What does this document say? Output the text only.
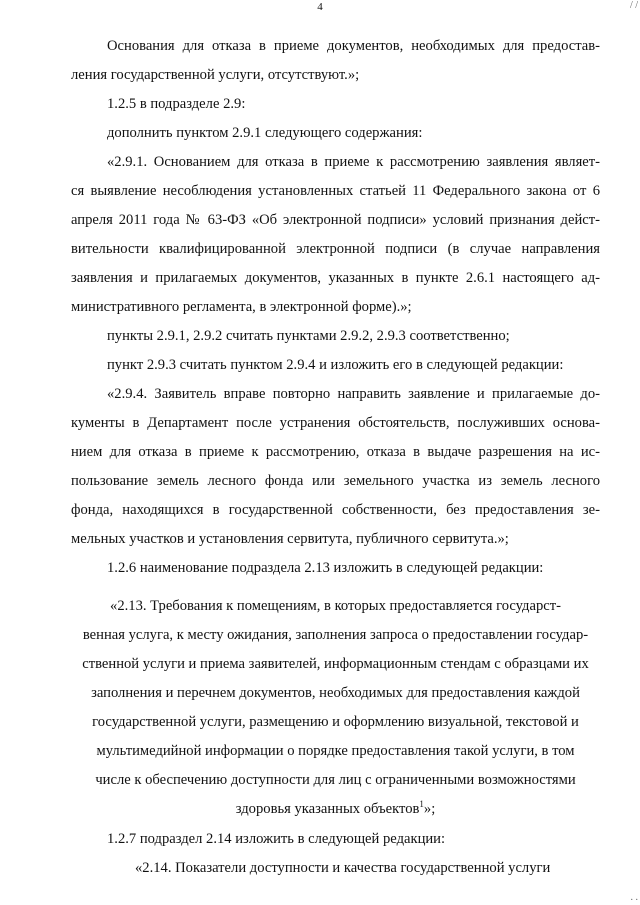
4	/ /
Основания для отказа в приеме документов, необходимых для предостав-
ления государственной услуги, отсутствуют.»;
1.2.5 в подразделе 2.9:
дополнить пунктом 2.9.1 следующего содержания:
«2.9.1. Основанием для отказа в приеме к рассмотрению заявления являет-
ся выявление несоблюдения установленных статьей 11 Федерального закона от 6
апреля 2011 года № 63-ФЗ «Об электронной подписи» условий признания дейст-
вительности квалифицированной электронной подписи (в случае направления
заявления и прилагаемых документов, указанных в пункте 2.6.1 настоящего ад-
министративного регламента, в электронной форме).»;
пункты 2.9.1, 2.9.2 считать пунктами 2.9.2, 2.9.3 соответственно;
пункт 2.9.3 считать пунктом 2.9.4 и изложить его в следующей редакции:
«2.9.4. Заявитель вправе повторно направить заявление и прилагаемые до-
кументы в Департамент после устранения обстоятельств, послуживших основа-
нием для отказа в приеме к рассмотрению, отказа в выдаче разрешения на ис-
пользование земель лесного фонда или земельного участка из земель лесного
фонда, находящихся в государственной собственности, без предоставления зе-
мельных участков и установления сервитута, публичного сервитута.»;
1.2.6 наименование подраздела 2.13 изложить в следующей редакции:
«2.13. Требования к помещениям, в которых предоставляется государст-
венная услуга, к месту ожидания, заполнения запроса о предоставлении государ-
ственной услуги и приема заявителей, информационным стендам с образцами их
заполнения и перечнем документов, необходимых для предоставления каждой
государственной услуги, размещению и оформлению визуальной, текстовой и
мультимедийной информации о порядке предоставления такой услуги, в том
числе к обеспечению доступности для лиц с ограниченными возможностями
здоровья указанных объектов$^1$»;
1.2.7 подраздел 2.14 изложить в следующей редакции:
«2.14. Показатели доступности и качества государственной услуги
. .
